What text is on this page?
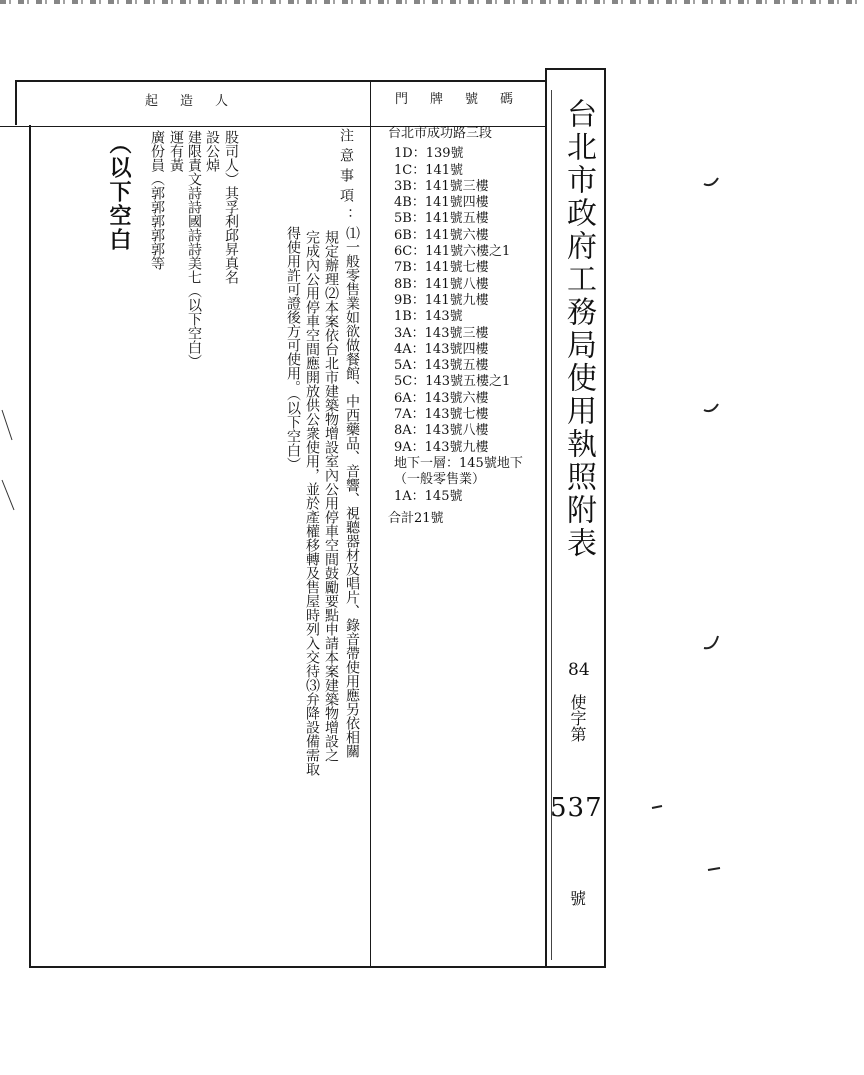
起造人	門牌號碼 台北市政府工務局使用執照附表
84
使字第
537
號
台北市成功路三段
1D：139號
1C：141號
3B：141號三樓
4B：141號四樓
5B：141號五樓
6B：141號六樓
6C：141號六樓之1
7B：141號七樓
8B：141號八樓
9B：141號九樓
1B：143號
3A：143號三樓
4A：143號四樓
5A：143號五樓
5C：143號五樓之1
6A：143號六樓
7A：143號七樓
8A：143號八樓
9A：143號九樓
地下一層：145號地下
（一般零售業）
1A：145號
合計21號
注意事項：
⑴一般零售業如欲做餐館、中西藥品、音響、視聽器材及唱片、錄音帶使用應另依相關
規定辦理⑵本案依台北市建築物增設室內公用停車空間鼓勵要點申請本案建築物增設之
完成內公用停車空間應開放供公衆使用，並於產權移轉及售屋時列入交待⑶弁降設備需取
得使用許可證後方可使用。（以下空白）
股司人）其孚利邱昇真名
設公焯
建限責文詩詩國詩詩美七（以下空白）
運有黃
廣份員（郭郭郭郭郭等
（以下空白
